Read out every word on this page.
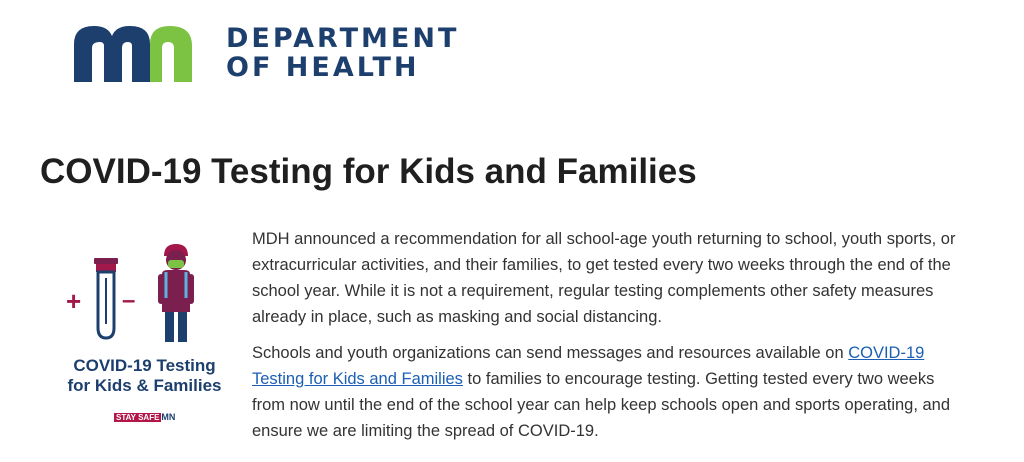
DEPARTMENT
OF HEALTH
COVID-19 Testing for Kids and Families
+ –
COVID-19 Testing
for Kids & Families
STAY SAFE MN

MDH announced a recommendation for all school-age youth returning to school, youth sports, or extracurricular activities, and their families, to get tested every two weeks through the end of the school year. While it is not a requirement, regular testing complements other safety measures already in place, such as masking and social distancing.

Schools and youth organizations can send messages and resources available on COVID-19 Testing for Kids and Families to families to encourage testing. Getting tested every two weeks from now until the end of the school year can help keep schools open and sports operating, and ensure we are limiting the spread of COVID-19.
